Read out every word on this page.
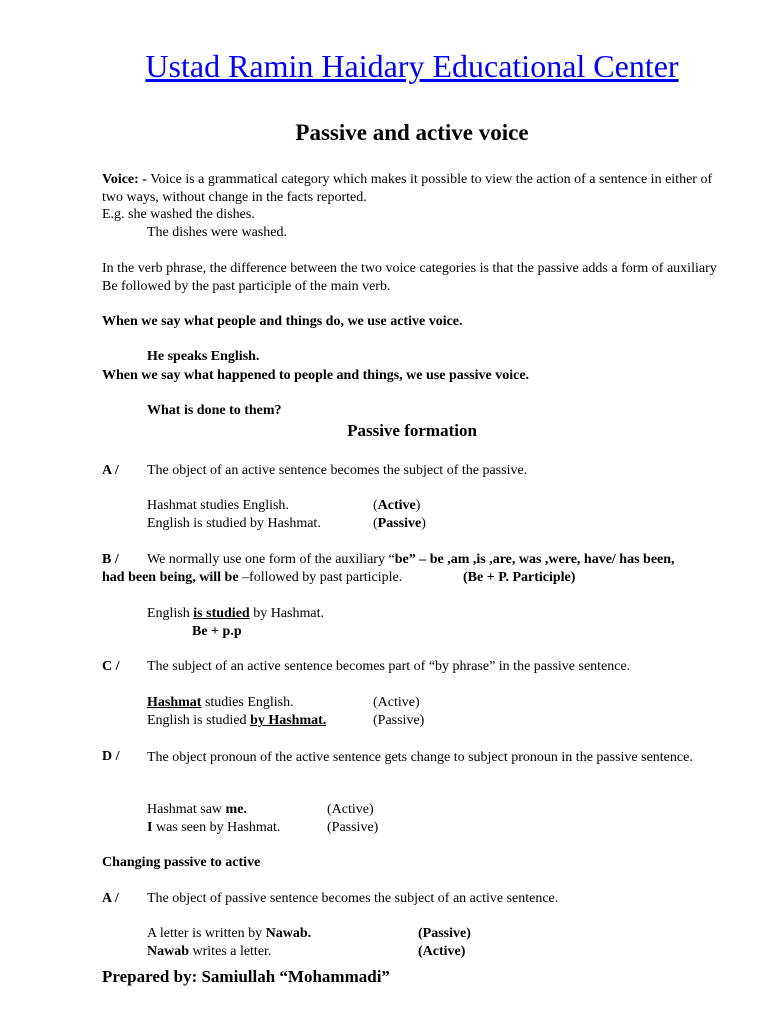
Ustad Ramin Haidary Educational Center
Passive and active voice
Voice: - Voice is a grammatical category which makes it possible to view the action of a sentence in either of two ways, without change in the facts reported.
E.g. she washed the dishes.
The dishes were washed.
In the verb phrase, the difference between the two voice categories is that the passive adds a form of auxiliary Be followed by the past participle of the main verb.
When we say what people and things do, we use active voice.
He speaks English.
When we say what happened to people and things, we use passive voice.
What is done to them?
Passive formation
A / The object of an active sentence becomes the subject of the passive.
Hashmat studies English.	(Active)
English is studied by Hashmat.	(Passive)
B / We normally use one form of the auxiliary “be” – be ,am ,is ,are, was ,were, have/ has been,
had been being, will be –followed by past participle.	(Be + P. Participle)
English is studied by Hashmat.
Be + p.p
C / The subject of an active sentence becomes part of “by phrase” in the passive sentence.
Hashmat studies English.	(Active)
English is studied by Hashmat.	(Passive)
D / The object pronoun of the active sentence gets change to subject pronoun in the passive sentence.
Hashmat saw me.	(Active)
I was seen by Hashmat.	(Passive)
Changing passive to active
A / The object of passive sentence becomes the subject of an active sentence.
A letter is written by Nawab.	(Passive)
Nawab writes a letter.	(Active)
Prepared by: Samiullah “Mohammadi”
